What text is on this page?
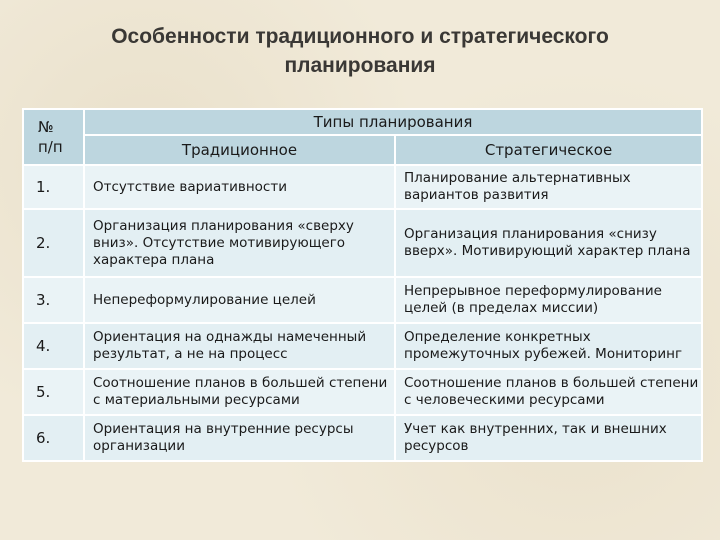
Особенности традиционного и стратегического
планирования
№
п/п	Типы планирования	
	Традиционное	Стратегическое
1.	Отсутствие вариативности	Планирование альтернативных вариантов развития
2.	Организация планирования «сверху вниз». Отсутствие мотивирующего характера плана	Организация планирования «снизу вверх». Мотивирующий характер плана
3.	Непереформулирование целей	Непрерывное переформулирование целей (в пределах миссии)
4.	Ориентация на однажды намеченный результат, а не на процесс	Определение конкретных промежуточных рубежей. Мониторинг
5.	Соотношение планов в большей степени с материальными ресурсами	Соотношение планов в большей степени с человеческими ресурсами
6.	Ориентация на внутренние ресурсы организации	Учет как внутренних, так и внешних ресурсов
